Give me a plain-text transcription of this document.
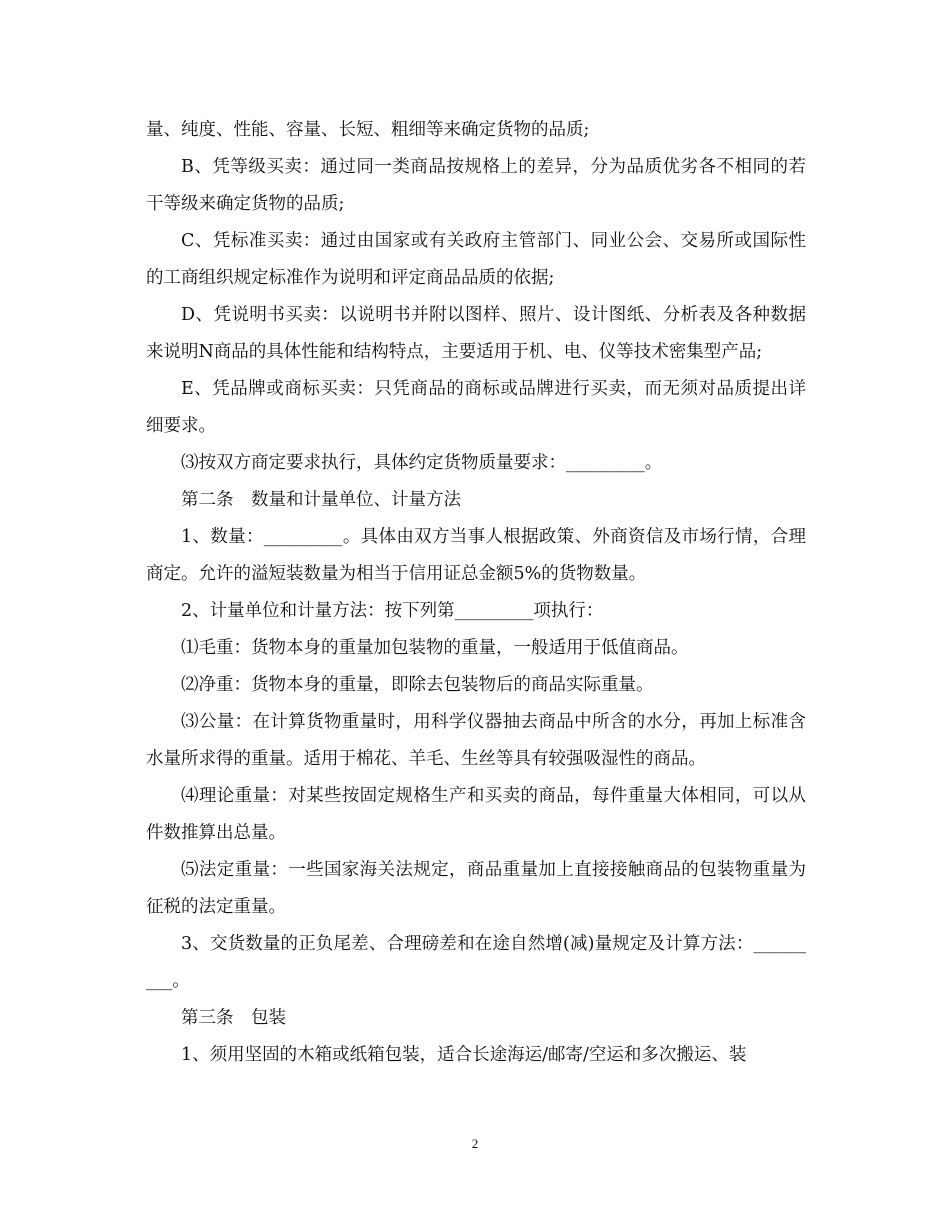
量、纯度、性能、容量、长短、粗细等来确定货物的品质;

B、凭等级买卖：通过同一类商品按规格上的差异，分为品质优劣各不相同的若干等级来确定货物的品质;

C、凭标准买卖：通过由国家或有关政府主管部门、同业公会、交易所或国际性的工商组织规定标准作为说明和评定商品品质的依据;

D、凭说明书买卖：以说明书并附以图样、照片、设计图纸、分析表及各种数据来说明N商品的具体性能和结构特点，主要适用于机、电、仪等技术密集型产品;

E、凭品牌或商标买卖：只凭商品的商标或品牌进行买卖，而无须对品质提出详细要求。

⑶按双方商定要求执行，具体约定货物质量要求：_________。

第二条　数量和计量单位、计量方法

1、数量：_________。具体由双方当事人根据政策、外商资信及市场行情，合理商定。允许的溢短装数量为相当于信用证总金额5%的货物数量。

2、计量单位和计量方法：按下列第_________项执行：

⑴毛重：货物本身的重量加包装物的重量，一般适用于低值商品。

⑵净重：货物本身的重量，即除去包装物后的商品实际重量。

⑶公量：在计算货物重量时，用科学仪器抽去商品中所含的水分，再加上标准含水量所求得的重量。适用于棉花、羊毛、生丝等具有较强吸湿性的商品。

⑷理论重量：对某些按固定规格生产和买卖的商品，每件重量大体相同，可以从件数推算出总量。

⑸法定重量：一些国家海关法规定，商品重量加上直接接触商品的包装物重量为征税的法定重量。

3、交货数量的正负尾差、合理磅差和在途自然增(减)量规定及计算方法：_________。

第三条　包装

1、须用坚固的木箱或纸箱包装，适合长途海运/邮寄/空运和多次搬运、装

2
